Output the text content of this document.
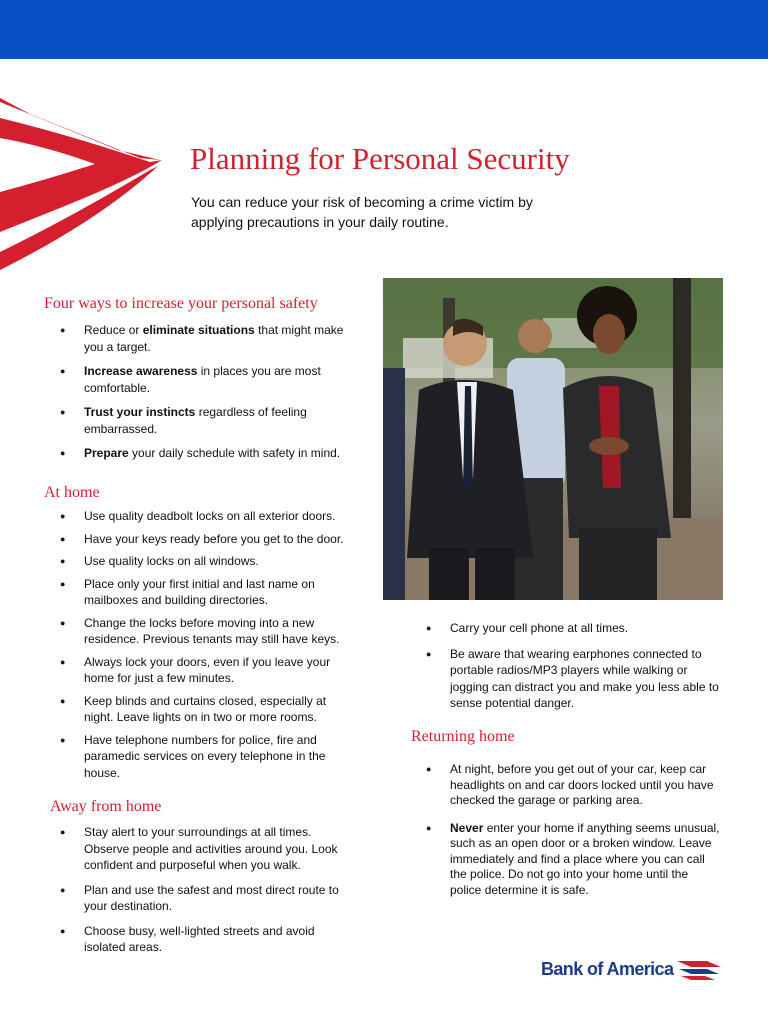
Planning for Personal Security
You can reduce your risk of becoming a crime victim by applying precautions in your daily routine.
Four ways to increase your personal safety
● Reduce or eliminate situations that might make you a target.
● Increase awareness in places you are most comfortable.
● Trust your instincts regardless of feeling embarrassed.
● Prepare your daily schedule with safety in mind.
At home
● Use quality deadbolt locks on all exterior doors.
● Have your keys ready before you get to the door.
● Use quality locks on all windows.
● Place only your first initial and last name on mailboxes and building directories.
● Change the locks before moving into a new residence. Previous tenants may still have keys.
● Always lock your doors, even if you leave your home for just a few minutes.
● Keep blinds and curtains closed, especially at night. Leave lights on in two or more rooms.
● Have telephone numbers for police, fire and paramedic services on every telephone in the house.
Away from home
● Stay alert to your surroundings at all times. Observe people and activities around you. Look confident and purposeful when you walk.
● Plan and use the safest and most direct route to your destination.
● Choose busy, well-lighted streets and avoid isolated areas.
● Carry your cell phone at all times.
● Be aware that wearing earphones connected to portable radios/MP3 players while walking or jogging can distract you and make you less able to sense potential danger.
Returning home
● At night, before you get out of your car, keep car headlights on and car doors locked until you have checked the garage or parking area.
● Never enter your home if anything seems unusual, such as an open door or a broken window. Leave immediately and find a place where you can call the police. Do not go into your home until the police determine it is safe.
Bank of America
